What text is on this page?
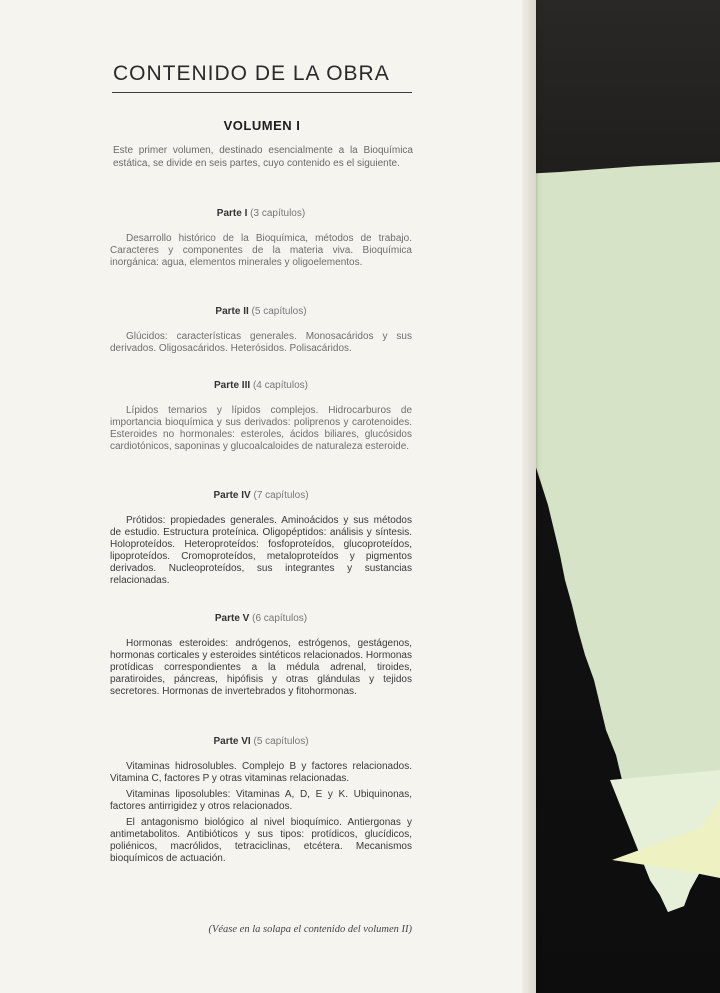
CONTENIDO DE LA OBRA
VOLUMEN I
Este primer volumen, destinado esencialmente a la Bioquímica estática, se divide en seis partes, cuyo contenido es el siguiente.
Parte I (3 capítulos)
Desarrollo histórico de la Bioquímica, métodos de trabajo. Caracteres y componentes de la materia viva. Bioquímica inorgánica: agua, elementos minerales y oligoelementos.
Parte II (5 capítulos)
Glúcidos: características generales. Monosacáridos y sus derivados. Oligosacáridos. Heterósidos. Polisacáridos.
Parte III (4 capítulos)
Lípidos ternarios y lípidos complejos. Hidrocarburos de importancia bioquímica y sus derivados: poliprenos y carotenoides. Esteroides no hormonales: esteroles, ácidos biliares, glucósidos cardiotónicos, saponinas y glucoalcaloides de naturaleza esteroide.
Parte IV (7 capítulos)
Prótidos: propiedades generales. Aminoácidos y sus métodos de estudio. Estructura proteínica. Oligopéptidos: análisis y síntesis. Holoproteídos. Heteroproteídos: fosfoproteídos, glucoproteídos, lipoproteídos. Cromoproteídos, metaloproteídos y pigmentos derivados. Nucleoproteídos, sus integrantes y sustancias relacionadas.
Parte V (6 capítulos)
Hormonas esteroides: andrógenos, estrógenos, gestágenos, hormonas corticales y esteroides sintéticos relacionados. Hormonas protídicas correspondientes a la médula adrenal, tiroides, paratiroides, páncreas, hipófisis y otras glándulas y tejidos secretores. Hormonas de invertebrados y fitohormonas.
Parte VI (5 capítulos)
Vitaminas hidrosolubles. Complejo B y factores relacionados. Vitamina C, factores P y otras vitaminas relacionadas.
Vitaminas liposolubles: Vitaminas A, D, E y K. Ubiquinonas, factores antirrigidez y otros relacionados.
El antagonismo biológico al nivel bioquímico. Antiergonas y antimetabolitos. Antibióticos y sus tipos: protídicos, glucídicos, poliénicos, macrólidos, tetraciclinas, etcétera. Mecanismos bioquímicos de actuación.
(Véase en la solapa el contenido del volumen II)
